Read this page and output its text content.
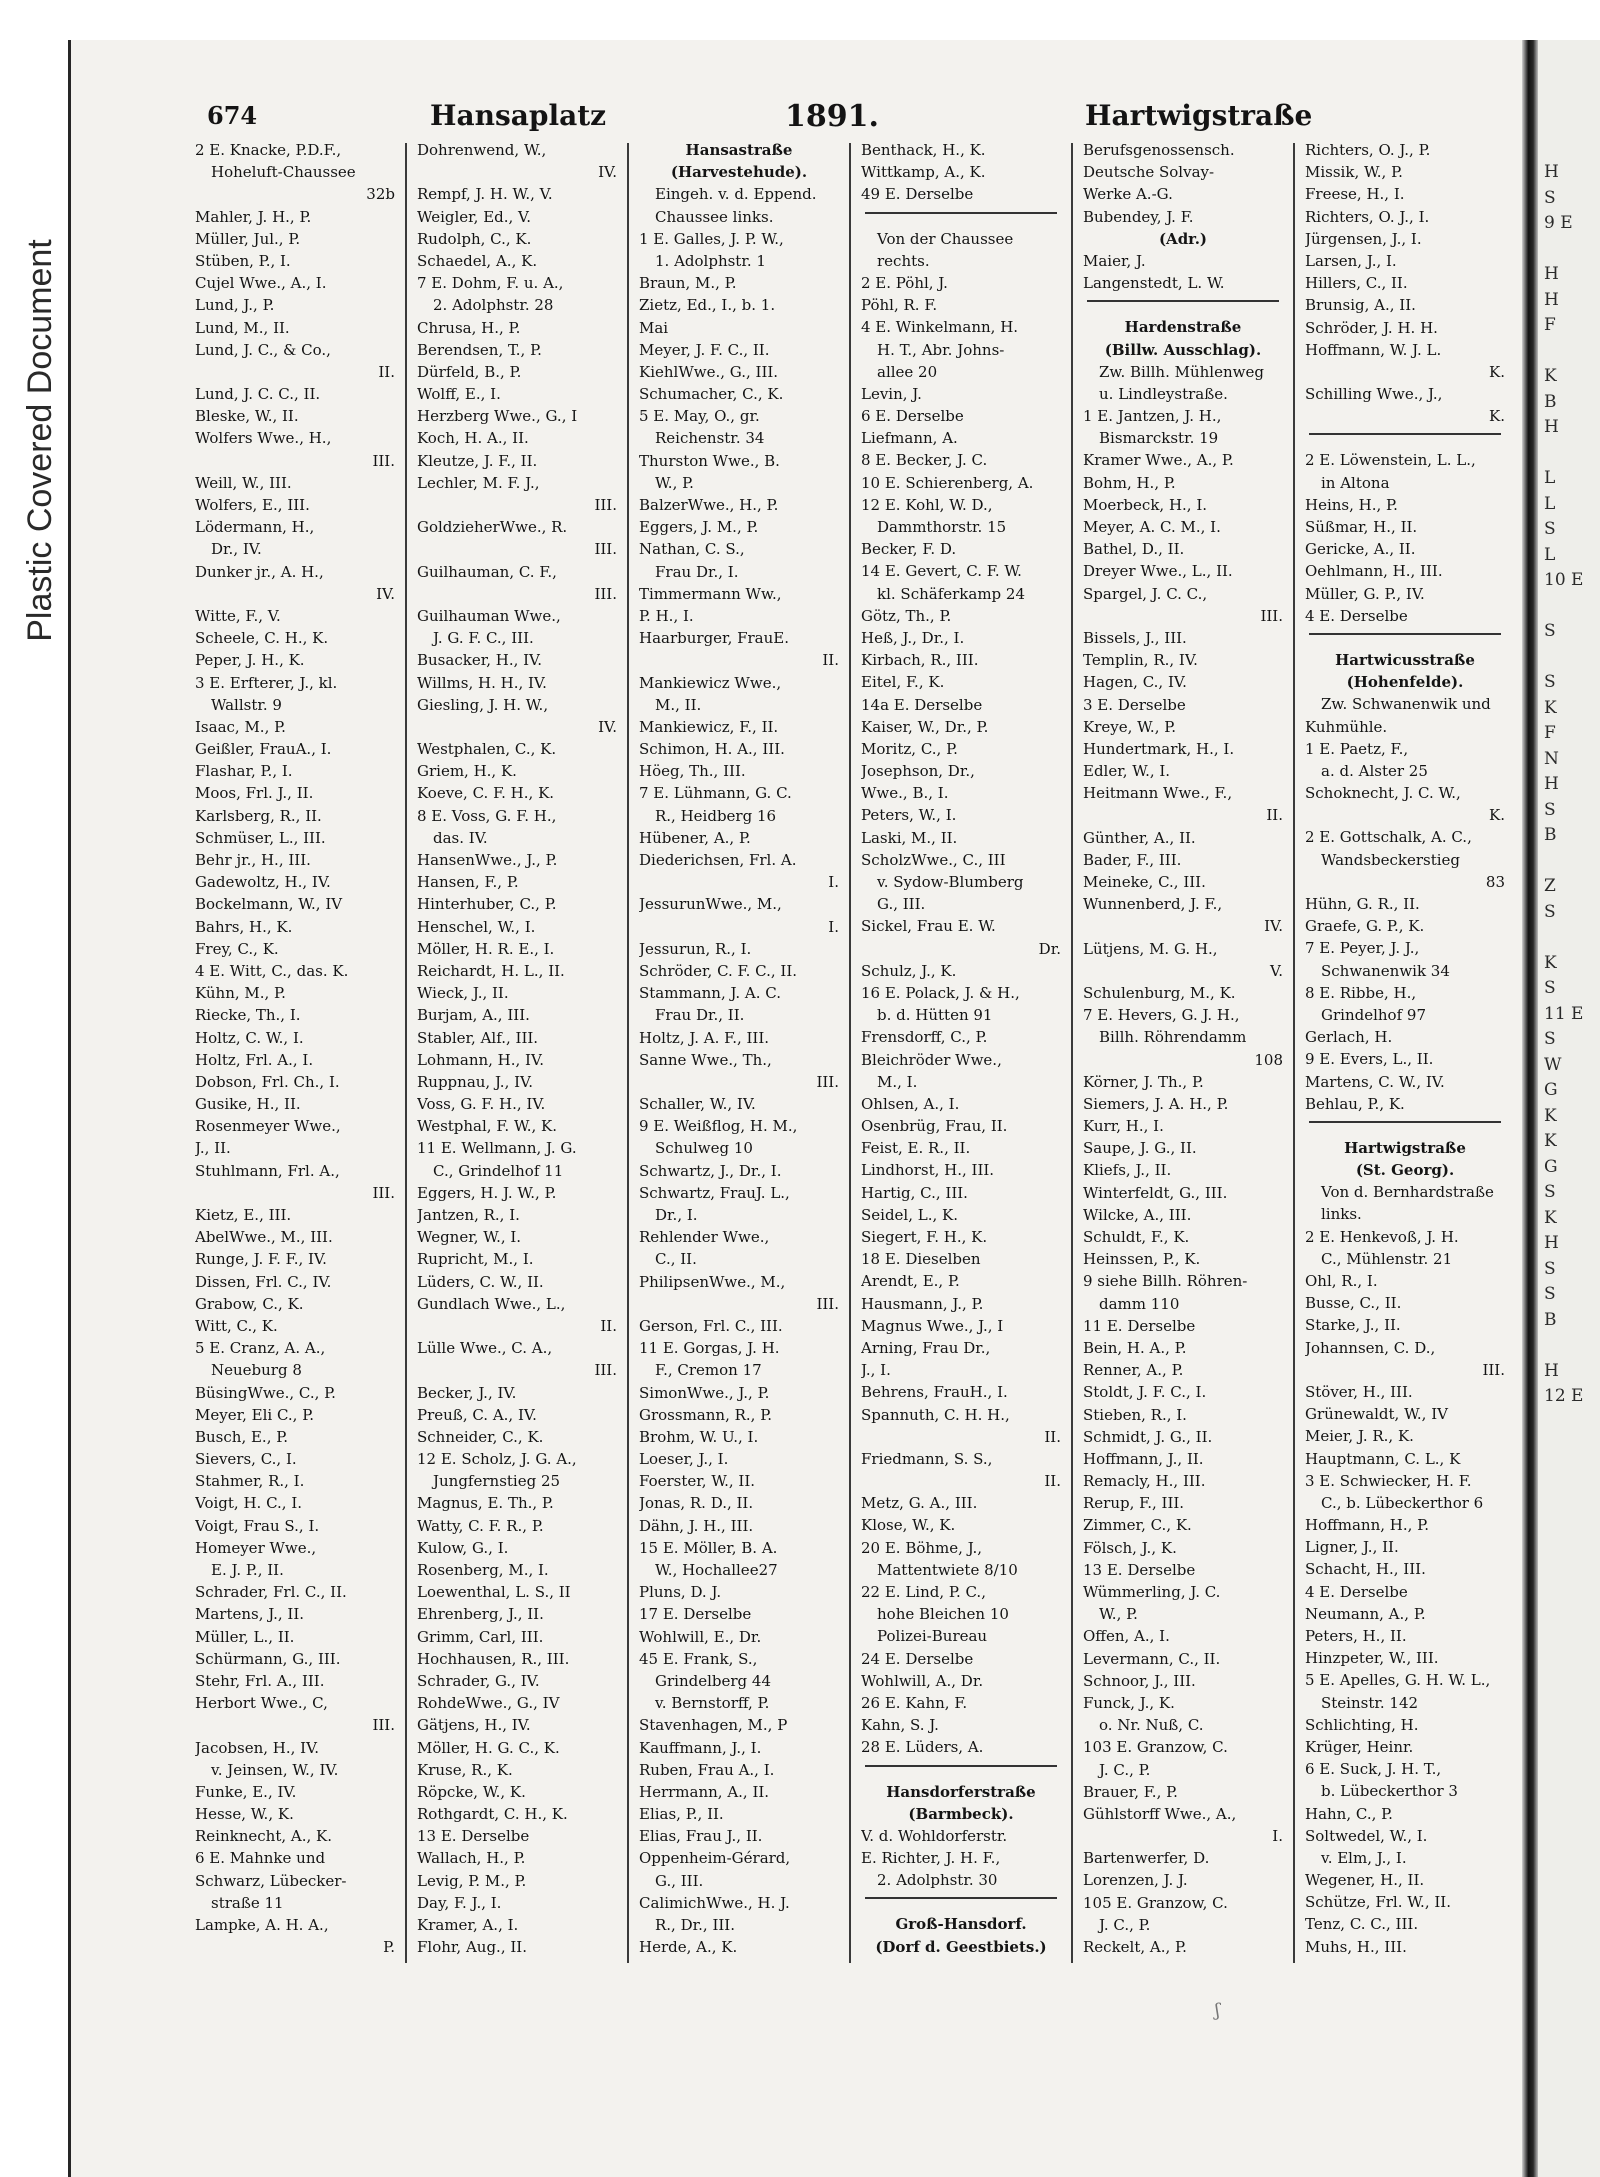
Plastic Covered Document
674	Hansaplatz	1891.	Hartwigstraße
2 E. Knacke, P.D.F.,
Hoheluft-Chaussee
32b
Mahler, J. H., P.
Müller, Jul., P.
Stüben, P., I.
Cujel Wwe., A., I.
Lund, J., P.
Lund, M., II.
Lund, J. C., & Co.,
II.
Lund, J. C. C., II.
Bleske, W., II.
Wolfers Wwe., H.,
III.
Weill, W., III.
Wolfers, E., III.
Lödermann, H.,
Dr., IV.
Dunker jr., A. H.,
IV.
Witte, F., V.
Scheele, C. H., K.
Peper, J. H., K.
3 E. Erfterer, J., kl.
Wallstr. 9
Isaac, M., P.
Geißler, FrauA., I.
Flashar, P., I.
Moos, Frl. J., II.
Karlsberg, R., II.
Schmüser, L., III.
Behr jr., H., III.
Gadewoltz, H., IV.
Bockelmann, W., IV
Bahrs, H., K.
Frey, C., K.
4 E. Witt, C., das. K.
Kühn, M., P.
Riecke, Th., I.
Holtz, C. W., I.
Holtz, Frl. A., I.
Dobson, Frl. Ch., I.
Gusike, H., II.
Rosenmeyer Wwe.,
J., II.
Stuhlmann, Frl. A.,
III.
Kietz, E., III.
AbelWwe., M., III.
Runge, J. F. F., IV.
Dissen, Frl. C., IV.
Grabow, C., K.
Witt, C., K.
5 E. Cranz, A. A.,
Neueburg 8
BüsingWwe., C., P.
Meyer, Eli C., P.
Busch, E., P.
Sievers, C., I.
Stahmer, R., I.
Voigt, H. C., I.
Voigt, Frau S., I.
Homeyer Wwe.,
E. J. P., II.
Schrader, Frl. C., II.
Martens, J., II.
Müller, L., II.
Schürmann, G., III.
Stehr, Frl. A., III.
Herbort Wwe., C,
III.
Jacobsen, H., IV.
v. Jeinsen, W., IV.
Funke, E., IV.
Hesse, W., K.
Reinknecht, A., K.
6 E. Mahnke und
Schwarz, Lübecker-
straße 11
Lampke, A. H. A.,
P.
Dohrenwend, W.,
IV.
Rempf, J. H. W., V.
Weigler, Ed., V.
Rudolph, C., K.
Schaedel, A., K.
7 E. Dohm, F. u. A.,
2. Adolphstr. 28
Chrusa, H., P.
Berendsen, T., P.
Dürfeld, B., P.
Wolff, E., I.
Herzberg Wwe., G., I
Koch, H. A., II.
Kleutze, J. F., II.
Lechler, M. F. J.,
III.
GoldzieherWwe., R.
III.
Guilhauman, C. F.,
III.
Guilhauman Wwe.,
J. G. F. C., III.
Busacker, H., IV.
Willms, H. H., IV.
Giesling, J. H. W.,
IV.
Westphalen, C., K.
Griem, H., K.
Koeve, C. F. H., K.
8 E. Voss, G. F. H.,
das. IV.
HansenWwe., J., P.
Hansen, F., P.
Hinterhuber, C., P.
Henschel, W., I.
Möller, H. R. E., I.
Reichardt, H. L., II.
Wieck, J., II.
Burjam, A., III.
Stabler, Alf., III.
Lohmann, H., IV.
Ruppnau, J., IV.
Voss, G. F. H., IV.
Westphal, F. W., K.
11 E. Wellmann, J. G.
C., Grindelhof 11
Eggers, H. J. W., P.
Jantzen, R., I.
Wegner, W., I.
Rupricht, M., I.
Lüders, C. W., II.
Gundlach Wwe., L.,
II.
Lülle Wwe., C. A.,
III.
Becker, J., IV.
Preuß, C. A., IV.
Schneider, C., K.
12 E. Scholz, J. G. A.,
Jungfernstieg 25
Magnus, E. Th., P.
Watty, C. F. R., P.
Kulow, G., I.
Rosenberg, M., I.
Loewenthal, L. S., II
Ehrenberg, J., II.
Grimm, Carl, III.
Hochhausen, R., III.
Schrader, G., IV.
RohdeWwe., G., IV
Gätjens, H., IV.
Möller, H. G. C., K.
Kruse, R., K.
Röpcke, W., K.
Rothgardt, C. H., K.
13 E. Derselbe
Wallach, H., P.
Levig, P. M., P.
Day, F. J., I.
Kramer, A., I.
Flohr, Aug., II.
Hansastraße
(Harvestehude).
Eingeh. v. d. Eppend.
Chaussee links.
1 E. Galles, J. P. W.,
1. Adolphstr. 1
Braun, M., P.
Zietz, Ed., I., b. 1.
Mai
Meyer, J. F. C., II.
KiehlWwe., G., III.
Schumacher, C., K.
5 E. May, O., gr.
Reichenstr. 34
Thurston Wwe., B.
W., P.
BalzerWwe., H., P.
Eggers, J. M., P.
Nathan, C. S.,
Frau Dr., I.
Timmermann Ww.,
P. H., I.
Haarburger, FrauE.
II.
Mankiewicz Wwe.,
M., II.
Mankiewicz, F., II.
Schimon, H. A., III.
Höeg, Th., III.
7 E. Lühmann, G. C.
R., Heidberg 16
Hübener, A., P.
Diederichsen, Frl. A.
I.
JessurunWwe., M.,
I.
Jessurun, R., I.
Schröder, C. F. C., II.
Stammann, J. A. C.
Frau Dr., II.
Holtz, J. A. F., III.
Sanne Wwe., Th.,
III.
Schaller, W., IV.
9 E. Weißflog, H. M.,
Schulweg 10
Schwartz, J., Dr., I.
Schwartz, FrauJ. L.,
Dr., I.
Rehlender Wwe.,
C., II.
PhilipsenWwe., M.,
III.
Gerson, Frl. C., III.
11 E. Gorgas, J. H.
F., Cremon 17
SimonWwe., J., P.
Grossmann, R., P.
Brohm, W. U., I.
Loeser, J., I.
Foerster, W., II.
Jonas, R. D., II.
Dähn, J. H., III.
15 E. Möller, B. A.
W., Hochallee27
Pluns, D. J.
17 E. Derselbe
Wohlwill, E., Dr.
45 E. Frank, S.,
Grindelberg 44
v. Bernstorff, P.
Stavenhagen, M., P
Kauffmann, J., I.
Ruben, Frau A., I.
Herrmann, A., II.
Elias, P., II.
Elias, Frau J., II.
Oppenheim-Gérard,
G., III.
CalimichWwe., H. J.
R., Dr., III.
Herde, A., K.
Benthack, H., K.
Wittkamp, A., K.
49 E. Derselbe
Von der Chaussee
rechts.
2 E. Pöhl, J.
Pöhl, R. F.
4 E. Winkelmann, H.
H. T., Abr. Johns-
allee 20
Levin, J.
6 E. Derselbe
Liefmann, A.
8 E. Becker, J. C.
10 E. Schierenberg, A.
12 E. Kohl, W. D.,
Dammthorstr. 15
Becker, F. D.
14 E. Gevert, C. F. W.
kl. Schäferkamp 24
Götz, Th., P.
Heß, J., Dr., I.
Kirbach, R., III.
Eitel, F., K.
14a E. Derselbe
Kaiser, W., Dr., P.
Moritz, C., P.
Josephson, Dr.,
Wwe., B., I.
Peters, W., I.
Laski, M., II.
ScholzWwe., C., III
v. Sydow-Blumberg
G., III.
Sickel, Frau E. W.
Dr.
Schulz, J., K.
16 E. Polack, J. & H.,
b. d. Hütten 91
Frensdorff, C., P.
Bleichröder Wwe.,
M., I.
Ohlsen, A., I.
Osenbrüg, Frau, II.
Feist, E. R., II.
Lindhorst, H., III.
Hartig, C., III.
Seidel, L., K.
Siegert, F. H., K.
18 E. Dieselben
Arendt, E., P.
Hausmann, J., P.
Magnus Wwe., J., I
Arning, Frau Dr.,
J., I.
Behrens, FrauH., I.
Spannuth, C. H. H.,
II.
Friedmann, S. S.,
II.
Metz, G. A., III.
Klose, W., K.
20 E. Böhme, J.,
Mattentwiete 8/10
22 E. Lind, P. C.,
hohe Bleichen 10
Polizei-Bureau
24 E. Derselbe
Wohlwill, A., Dr.
26 E. Kahn, F.
Kahn, S. J.
28 E. Lüders, A.
Hansdorferstraße
(Barmbeck).
V. d. Wohldorferstr.
E. Richter, J. H. F.,
2. Adolphstr. 30
Groß-Hansdorf.
(Dorf d. Geestbiets.)
Berufsgenossensch.
Deutsche Solvay-
Werke A.-G.
Bubendey, J. F.
(Adr.)
Maier, J.
Langenstedt, L. W.
Hardenstraße
(Billw. Ausschlag).
Zw. Billh. Mühlenweg
u. Lindleystraße.
1 E. Jantzen, J. H.,
Bismarckstr. 19
Kramer Wwe., A., P.
Bohm, H., P.
Moerbeck, H., I.
Meyer, A. C. M., I.
Bathel, D., II.
Dreyer Wwe., L., II.
Spargel, J. C. C.,
III.
Bissels, J., III.
Templin, R., IV.
Hagen, C., IV.
3 E. Derselbe
Kreye, W., P.
Hundertmark, H., I.
Edler, W., I.
Heitmann Wwe., F.,
II.
Günther, A., II.
Bader, F., III.
Meineke, C., III.
Wunnenberd, J. F.,
IV.
Lütjens, M. G. H.,
V.
Schulenburg, M., K.
7 E. Hevers, G. J. H.,
Billh. Röhrendamm
108
Körner, J. Th., P.
Siemers, J. A. H., P.
Kurr, H., I.
Saupe, J. G., II.
Kliefs, J., II.
Winterfeldt, G., III.
Wilcke, A., III.
Schuldt, F., K.
Heinssen, P., K.
9 siehe Billh. Röhren-
damm 110
11 E. Derselbe
Bein, H. A., P.
Renner, A., P.
Stoldt, J. F. C., I.
Stieben, R., I.
Schmidt, J. G., II.
Hoffmann, J., II.
Remacly, H., III.
Rerup, F., III.
Zimmer, C., K.
Fölsch, J., K.
13 E. Derselbe
Wümmerling, J. C.
W., P.
Offen, A., I.
Levermann, C., II.
Schnoor, J., III.
Funck, J., K.
o. Nr. Nuß, C.
103 E. Granzow, C.
J. C., P.
Brauer, F., P.
Gühlstorff Wwe., A.,
I.
Bartenwerfer, D.
Lorenzen, J. J.
105 E. Granzow, C.
J. C., P.
Reckelt, A., P.
Richters, O. J., P.
Missik, W., P.
Freese, H., I.
Richters, O. J., I.
Jürgensen, J., I.
Larsen, J., I.
Hillers, C., II.
Brunsig, A., II.
Schröder, J. H. H.
Hoffmann, W. J. L.
K.
Schilling Wwe., J.,
K.
2 E. Löwenstein, L. L.,
in Altona
Heins, H., P.
Süßmar, H., II.
Gericke, A., II.
Oehlmann, H., III.
Müller, G. P., IV.
4 E. Derselbe
Hartwicusstraße
(Hohenfelde).
Zw. Schwanenwik und
Kuhmühle.
1 E. Paetz, F.,
a. d. Alster 25
Schoknecht, J. C. W.,
K.
2 E. Gottschalk, A. C.,
Wandsbeckerstieg
83
Hühn, G. R., II.
Graefe, G. P., K.
7 E. Peyer, J. J.,
Schwanenwik 34
8 E. Ribbe, H.,
Grindelhof 97
Gerlach, H.
9 E. Evers, L., II.
Martens, C. W., IV.
Behlau, P., K.
Hartwigstraße
(St. Georg).
Von d. Bernhardstraße
links.
2 E. Henkevoß, J. H.
C., Mühlenstr. 21
Ohl, R., I.
Busse, C., II.
Starke, J., II.
Johannsen, C. D.,
III.
Stöver, H., III.
Grünewaldt, W., IV
Meier, J. R., K.
Hauptmann, C. L., K
3 E. Schwiecker, H. F.
C., b. Lübeckerthor 6
Hoffmann, H., P.
Ligner, J., II.
Schacht, H., III.
4 E. Derselbe
Neumann, A., P.
Peters, H., II.
Hinzpeter, W., III.
5 E. Apelles, G. H. W. L.,
Steinstr. 142
Schlichting, H.
Krüger, Heinr.
6 E. Suck, J. H. T.,
b. Lübeckerthor 3
Hahn, C., P.
Soltwedel, W., I.
v. Elm, J., I.
Wegener, H., II.
Schütze, Frl. W., II.
Tenz, C. C., III.
Muhs, H., III.
H
S
9 E

H
H
F

K
B
H

L
L
S
L
10 E

S

S
K
F
N
H
S
B

Z
S

K
S
11 E
S
W
G
K
K
G
S
K
H
S
S
B

H
12 E
ʃ
